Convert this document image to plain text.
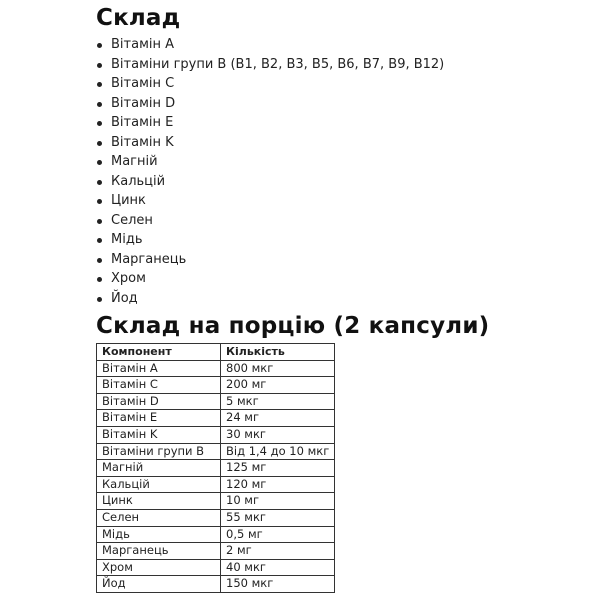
Склад
Вітамін A
Вітаміни групи B (B1, B2, B3, B5, B6, B7, B9, B12)
Вітамін C
Вітамін D
Вітамін E
Вітамін K
Магній
Кальцій
Цинк
Селен
Мідь
Марганець
Хром
Йод
Склад на порцію (2 капсули)
Компонент	Кількість
Вітамін A	800 мкг
Вітамін C	200 мг
Вітамін D	5 мкг
Вітамін E	24 мг
Вітамін K	30 мкг
Вітаміни групи B	Від 1,4 до 10 мкг
Магній	125 мг
Кальцій	120 мг
Цинк	10 мг
Селен	55 мкг
Мідь	0,5 мг
Марганець	2 мг
Хром	40 мкг
Йод	150 мкг
